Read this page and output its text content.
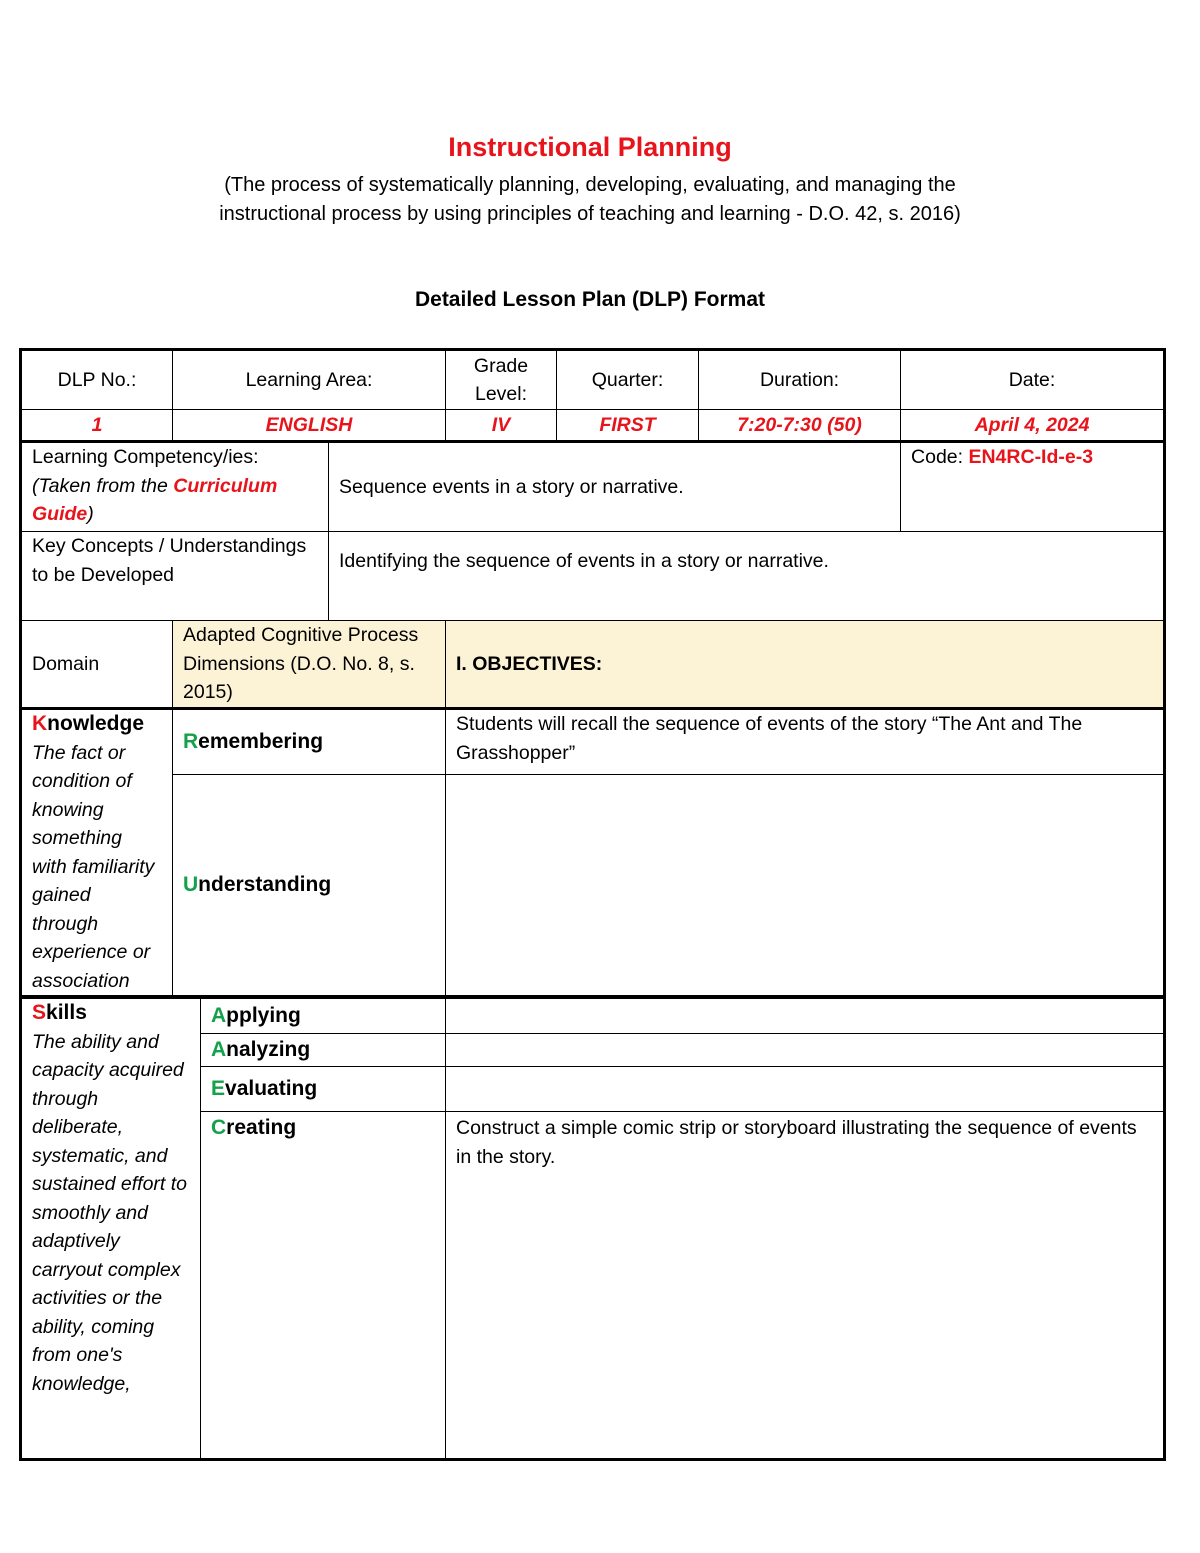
Instructional Planning
(The process of systematically planning, developing, evaluating, and managing the instructional process by using principles of teaching and learning - D.O. 42, s. 2016)
Detailed Lesson Plan (DLP) Format
DLP No.:	Learning Area:		Grade Level:	Quarter:	Duration:	Date:
1	ENGLISH		IV	FIRST	7:20-7:30 (50)	April 4, 2024

Learning Competency/ies:
(Taken from the Curriculum Guide)		Sequence events in a story or narrative.				Code: EN4RC-Id-e-3
Key Concepts / Understandings to be Developed		Identifying the sequence of events in a story or narrative.				
Domain	Adapted Cognitive Process Dimensions (D.O. No. 8, s. 2015)		I. OBJECTIVES:			

Knowledge
The fact or condition of knowing something with familiarity gained through experience or association	Remembering		Students will recall the sequence of events of the story “The Ant and The Grasshopper”			
	Understanding					
Skills
The ability and capacity acquired through deliberate, systematic, and sustained effort to smoothly and adaptively carryout complex activities or the ability, coming from one's knowledge,	Applying	
	Analyzing	
	Evaluating	
	Creating	Construct a simple comic strip or storyboard illustrating the sequence of events in the story.
